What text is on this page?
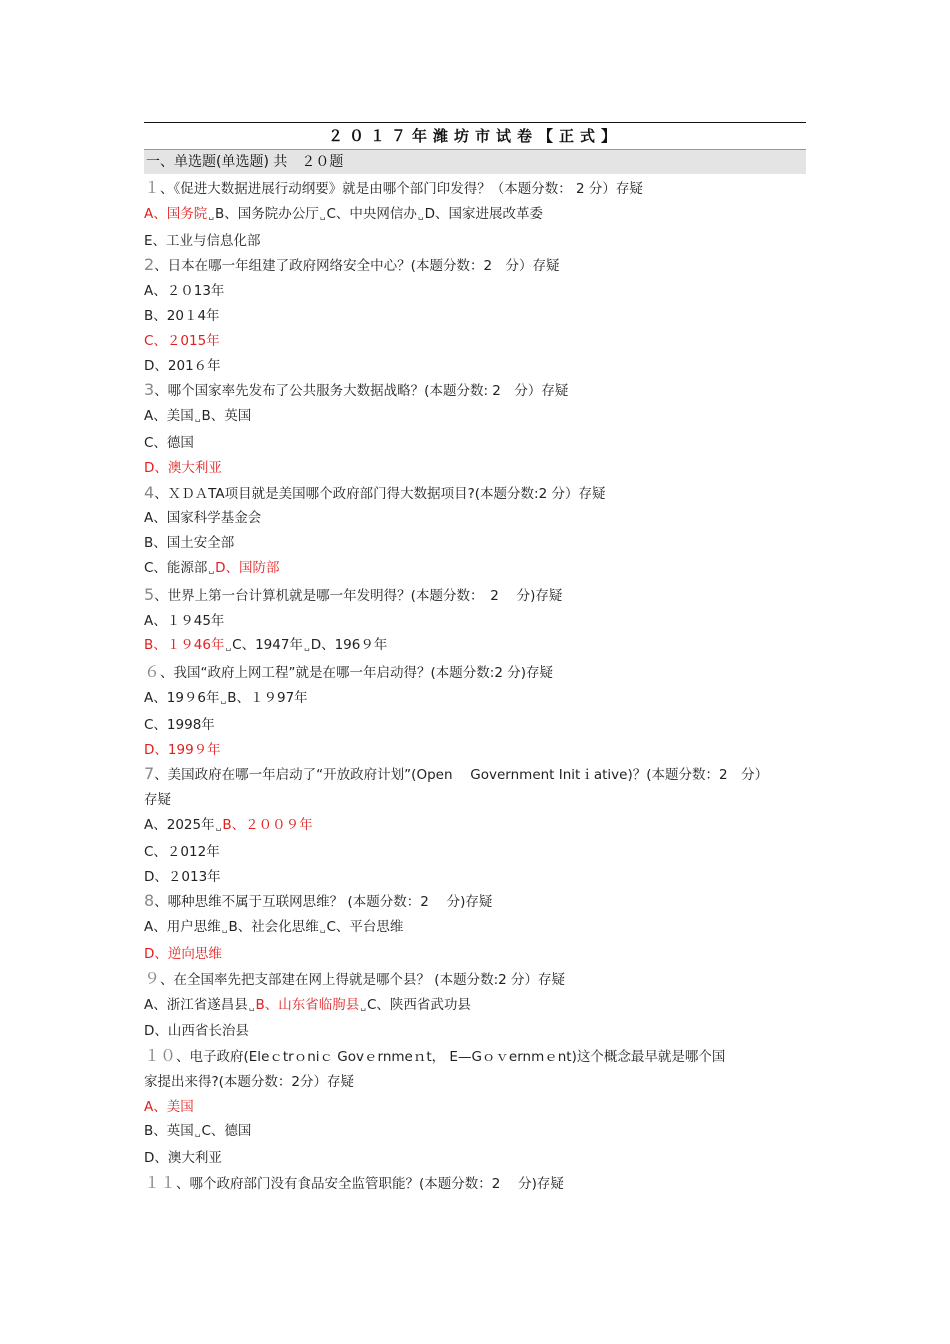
２０１７年潍坊市试卷【正式】
一、单选题(单选题) 共　２０题
１、《促进大数据进展行动纲要》就是由哪个部门印发得？（本题分数： 2 分）存疑
A、国务院␣B、国务院办公厅␣C、中央网信办␣D、国家进展改革委
E、工业与信息化部
2、日本在哪一年组建了政府网络安全中心？(本题分数：2　分）存疑
A、２０13年
B、20１4年
C、２015年
D、201６年
3、哪个国家率先发布了公共服务大数据战略？(本题分数: 2　分）存疑
A、美国␣B、英国
C、德国
D、澳大利亚
4、ＸＤＡTA项目就是美国哪个政府部门得大数据项目?(本题分数:2 分）存疑
A、国家科学基金会
B、国土安全部
C、能源部␣D、国防部
5、世界上第一台计算机就是哪一年发明得？(本题分数：　2　 分)存疑
A、１９45年
B、１９46年␣C、1947年␣D、196９年
６、我国“政府上网工程”就是在哪一年启动得？(本题分数:2 分)存疑
A、19９6年␣B、１９97年
C、1998年
D、199９年
7、美国政府在哪一年启动了“开放政府计划”(Open　 Government Initｉative)？(本题分数：2　分）
存疑
A、2025年␣B、２００９年
C、２012年
D、２013年
8、哪种思维不属于互联网思维？ (本题分数：2　 分)存疑
A、用户思维␣B、社会化思维␣C、平台思维
D、逆向思维
９、在全国率先把支部建在网上得就是哪个县？ (本题分数:2 分）存疑
A、浙江省遂昌县␣B、山东省临朐县␣C、陕西省武功县
D、山西省长治县
１０、电子政府(Eleｃtrｏniｃ Govｅrnmeｎt， E—Gｏｖernmｅnt)这个概念最早就是哪个国
家提出来得?(本题分数：2分）存疑
A、美国
B、英国␣C、德国
D、澳大利亚
１１、哪个政府部门没有食品安全监管职能？(本题分数：2　 分)存疑
